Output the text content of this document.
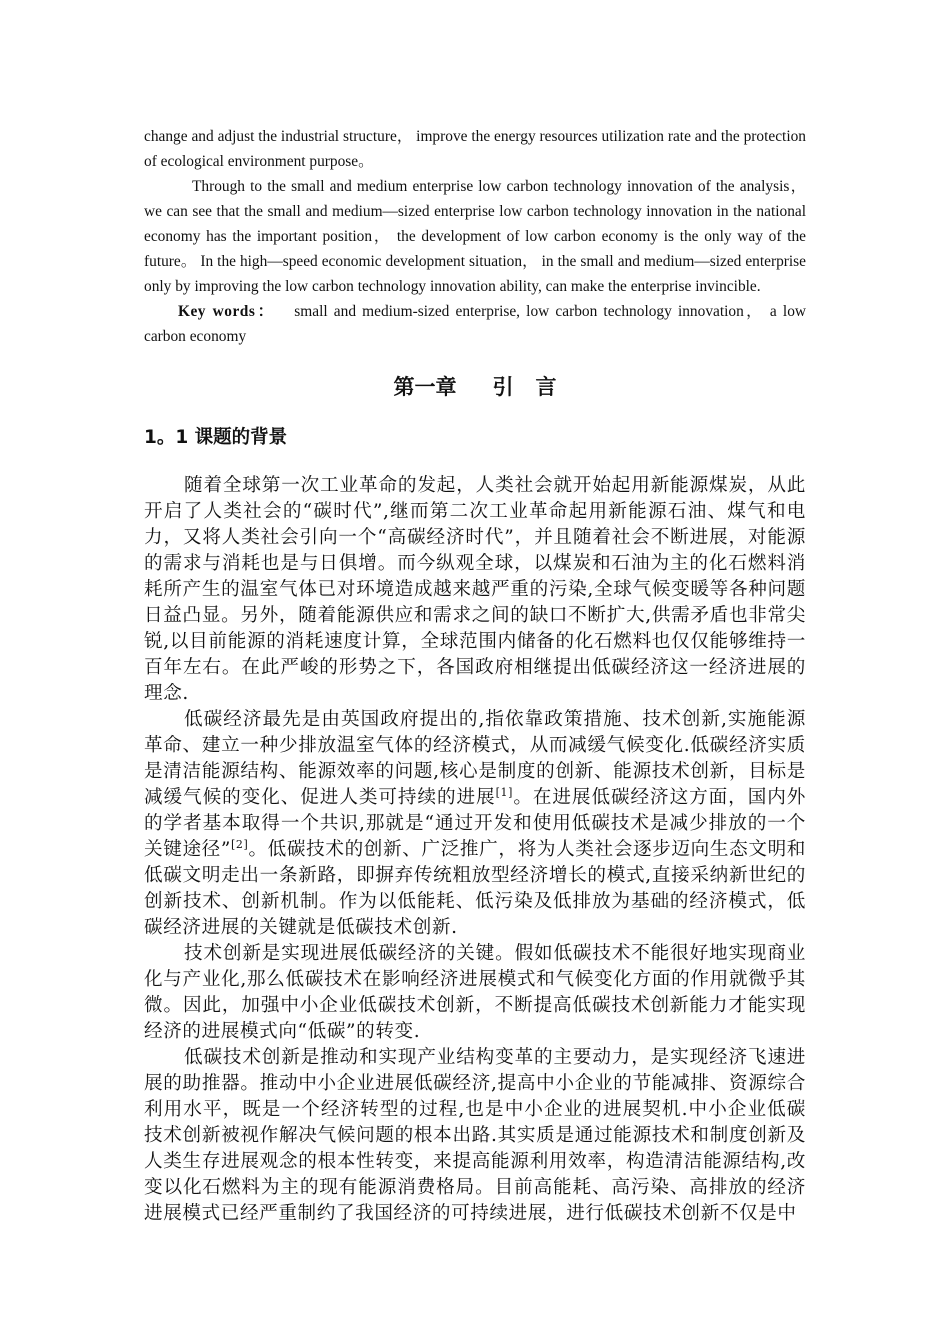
change and adjust the industrial structure， improve the energy resources utilization rate and the protection of ecological environment purpose。

Through to the small and medium enterprise low carbon technology innovation of the analysis， we can see that the small and medium—sized enterprise low carbon technology innovation in the national economy has the important position， the development of low carbon economy is the only way of the future。 In the high—speed economic development situation， in the small and medium—sized enterprise only by improving the low carbon technology innovation ability, can make the enterprise invincible.

Key words： small and medium-sized enterprise, low carbon technology innovation， a low carbon economy

第一章 引 言
1。1 课题的背景

随着全球第一次工业革命的发起，人类社会就开始起用新能源煤炭，从此开启了人类社会的“碳时代”,继而第二次工业革命起用新能源石油、煤气和电力，又将人类社会引向一个“高碳经济时代”，并且随着社会不断进展，对能源的需求与消耗也是与日俱增。而今纵观全球，以煤炭和石油为主的化石燃料消耗所产生的温室气体已对环境造成越来越严重的污染,全球气候变暖等各种问题日益凸显。另外，随着能源供应和需求之间的缺口不断扩大,供需矛盾也非常尖锐,以目前能源的消耗速度计算，全球范围内储备的化石燃料也仅仅能够维持一百年左右。在此严峻的形势之下，各国政府相继提出低碳经济这一经济进展的理念.

低碳经济最先是由英国政府提出的,指依靠政策措施、技术创新,实施能源革命、建立一种少排放温室气体的经济模式，从而减缓气候变化.低碳经济实质是清洁能源结构、能源效率的问题,核心是制度的创新、能源技术创新，目标是减缓气候的变化、促进人类可持续的进展[1]。在进展低碳经济这方面，国内外的学者基本取得一个共识,那就是“通过开发和使用低碳技术是减少排放的一个关键途径”[2]。低碳技术的创新、广泛推广，将为人类社会逐步迈向生态文明和低碳文明走出一条新路，即摒弃传统粗放型经济增长的模式,直接采纳新世纪的创新技术、创新机制。作为以低能耗、低污染及低排放为基础的经济模式，低碳经济进展的关键就是低碳技术创新.

技术创新是实现进展低碳经济的关键。假如低碳技术不能很好地实现商业化与产业化,那么低碳技术在影响经济进展模式和气候变化方面的作用就微乎其微。因此，加强中小企业低碳技术创新，不断提高低碳技术创新能力才能实现经济的进展模式向“低碳”的转变.

低碳技术创新是推动和实现产业结构变革的主要动力，是实现经济飞速进展的助推器。推动中小企业进展低碳经济,提高中小企业的节能减排、资源综合利用水平，既是一个经济转型的过程,也是中小企业的进展契机.中小企业低碳技术创新被视作解决气候问题的根本出路.其实质是通过能源技术和制度创新及人类生存进展观念的根本性转变，来提高能源利用效率，构造清洁能源结构,改变以化石燃料为主的现有能源消费格局。目前高能耗、高污染、高排放的经济进展模式已经严重制约了我国经济的可持续进展，进行低碳技术创新不仅是中
